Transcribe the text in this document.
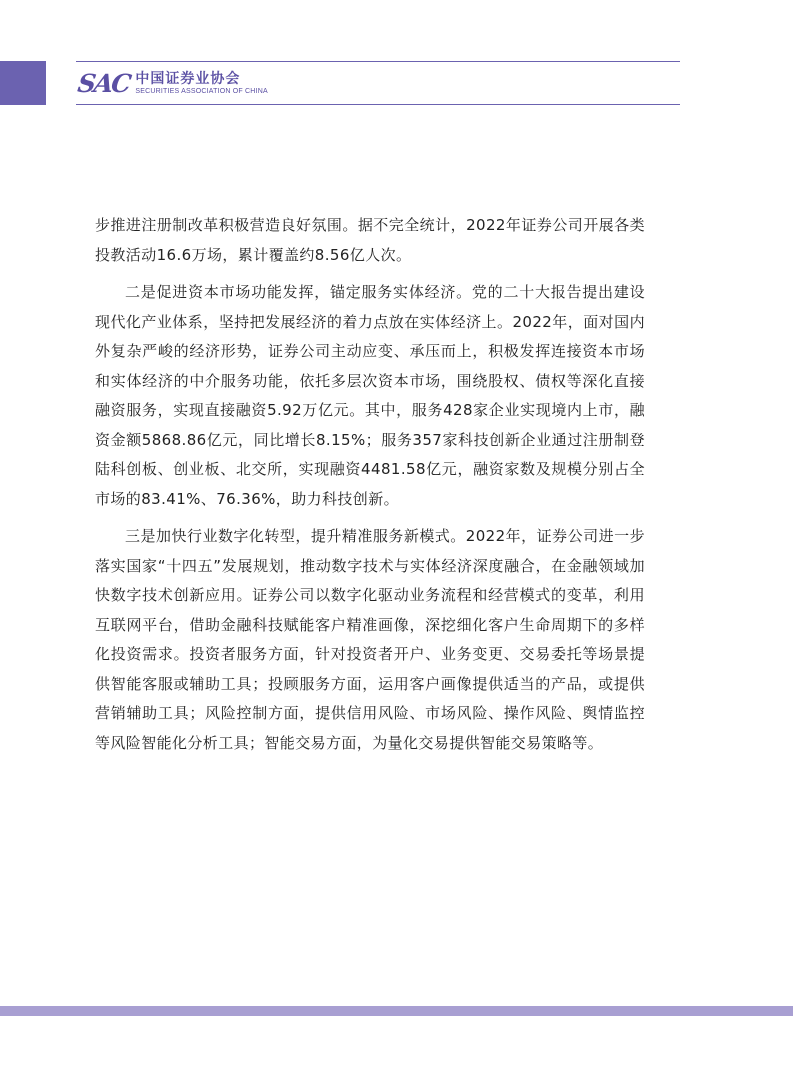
SAC 中国证券业协会
SECURITIES ASSOCIATION OF CHINA

步推进注册制改革积极营造良好氛围。据不完全统计，2022年证券公司开展各类投教活动16.6万场，累计覆盖约8.56亿人次。

二是促进资本市场功能发挥，锚定服务实体经济。党的二十大报告提出建设现代化产业体系，坚持把发展经济的着力点放在实体经济上。2022年，面对国内外复杂严峻的经济形势，证券公司主动应变、承压而上，积极发挥连接资本市场和实体经济的中介服务功能，依托多层次资本市场，围绕股权、债权等深化直接融资服务，实现直接融资5.92万亿元。其中，服务428家企业实现境内上市，融资金额5868.86亿元，同比增长8.15%；服务357家科技创新企业通过注册制登陆科创板、创业板、北交所，实现融资4481.58亿元，融资家数及规模分别占全市场的83.41%、76.36%，助力科技创新。

三是加快行业数字化转型，提升精准服务新模式。2022年，证券公司进一步落实国家“十四五”发展规划，推动数字技术与实体经济深度融合，在金融领域加快数字技术创新应用。证券公司以数字化驱动业务流程和经营模式的变革，利用互联网平台，借助金融科技赋能客户精准画像，深挖细化客户生命周期下的多样化投资需求。投资者服务方面，针对投资者开户、业务变更、交易委托等场景提供智能客服或辅助工具；投顾服务方面，运用客户画像提供适当的产品，或提供营销辅助工具；风险控制方面，提供信用风险、市场风险、操作风险、舆情监控等风险智能化分析工具；智能交易方面，为量化交易提供智能交易策略等。
